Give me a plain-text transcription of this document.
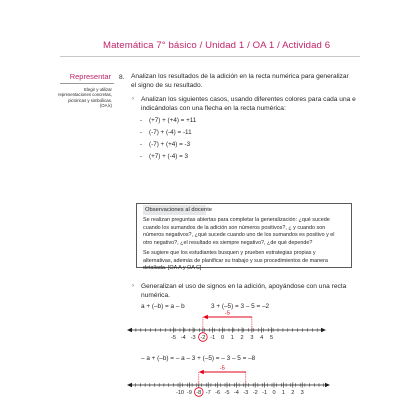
Matemática 7° básico / Unidad 1 / OA 1 / Actividad 6
Representar
Elegir y utilizar
representaciones concretas,
pictóricas y simbólicas.
(OA k)
8. Analizan los resultados de la adición en la recta numérica para generalizar
el signo de su resultado.
› Analizan los siguientes casos, usando diferentes colores para cada una e
indicándolas con una flecha en la recta numérica:
- (+7) + (+4) = +11
- (-7) + (-4) = -11
- (-7) + (+4) = -3
- (+7) + (-4) = 3
Observaciones al docente
Se realizan preguntas abiertas para completar la generalización: ¿qué sucede
cuando los sumandos de la adición son números positivos?, ¿ y cuando son
números negativos?, ¿qué sucede cuando uno de los sumandos es positivo y el
otro negativo?, ¿el resultado es siempre negativo?, ¿de qué depende?
Se sugiere que los estudiantes busquen y prueben estrategias propias y
alternativas, además de planificar su trabajo y sus procedimientos de manera
detallada. [OA A y OA C]
› Generalizan el uso de signos en la adición, apoyándose con una recta
numérica.
a + (–b) = a – b	3 + (–5) = 3 – 5 = –2
– a + (–b) = – a – 3 + (–5) = – 3 – 5 = –8
-5 -4 -3 -2 -1 0 1 2 3 4 5
-5
-10 -9 -8 -7 -6 -5 -4 -3 -2 -1 0 1 2 3
-5
